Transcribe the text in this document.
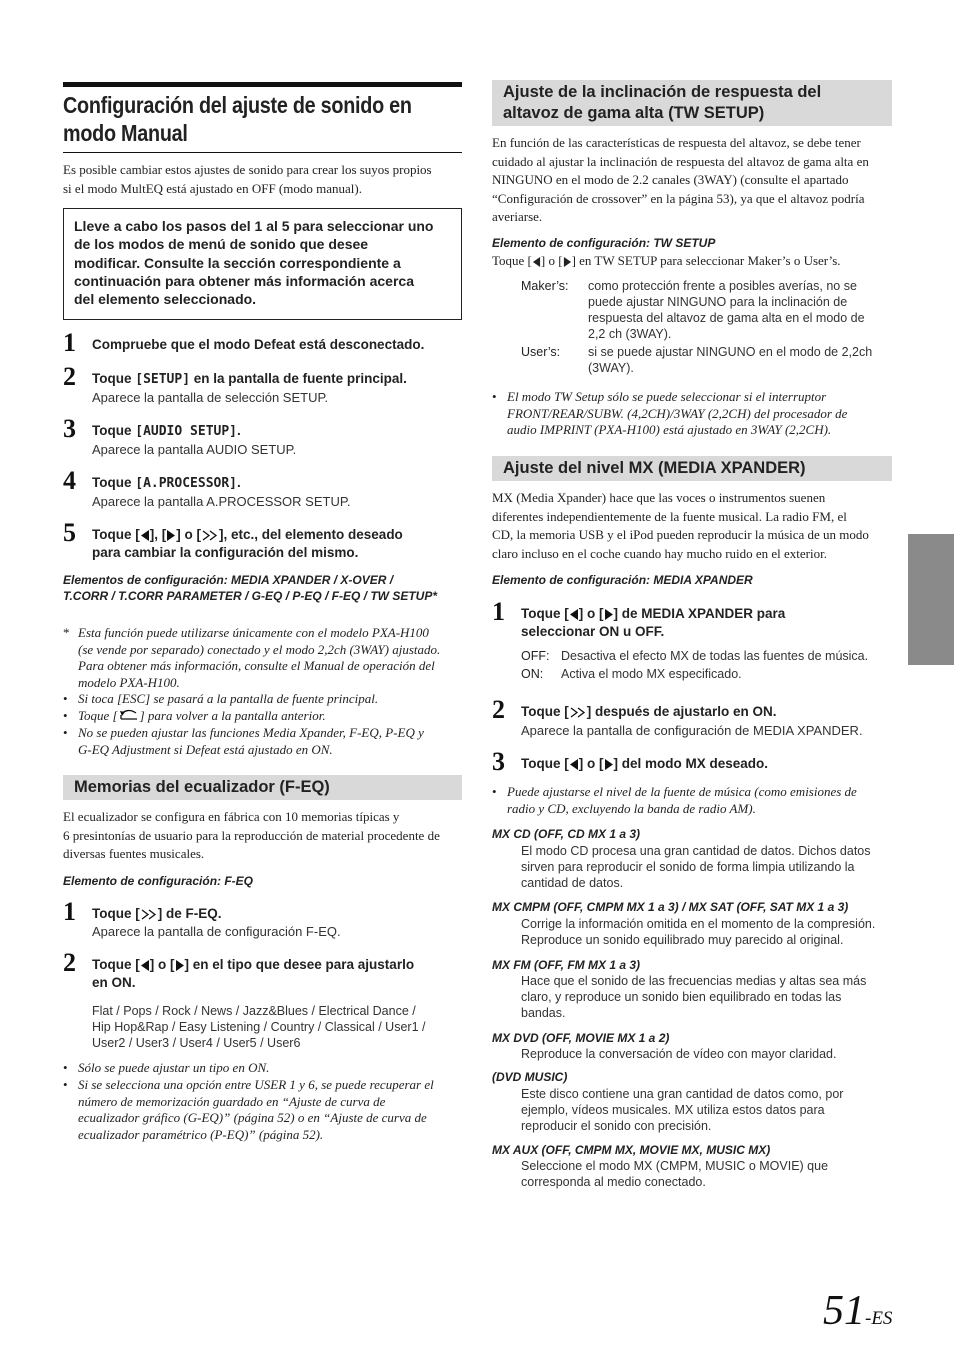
Configuración del ajuste de sonido en
modo Manual
Es posible cambiar estos ajustes de sonido para crear los suyos propios
si el modo MultEQ está ajustado en OFF (modo manual).
Lleve a cabo los pasos del 1 al 5 para seleccionar uno
de los modos de menú de sonido que desee
modificar. Consulte la sección correspondiente a
continuación para obtener más información acerca
del elemento seleccionado.
1 Compruebe que el modo Defeat está desconectado.
2 Toque [SETUP] en la pantalla de fuente principal.
Aparece la pantalla de selección SETUP.
3 Toque [AUDIO SETUP].
Aparece la pantalla AUDIO SETUP.
4 Toque [A.PROCESSOR].
Aparece la pantalla A.PROCESSOR SETUP.
5 Toque [ ], [ ] o [ ], etc., del elemento deseado
para cambiar la configuración del mismo.
Elementos de configuración: MEDIA XPANDER / X-OVER /
T.CORR / T.CORR PARAMETER / G-EQ / P-EQ / F-EQ / TW SETUP*
* Esta función puede utilizarse únicamente con el modelo PXA-H100
(se vende por separado) conectado y el modo 2,2ch (3WAY) ajustado.
Para obtener más información, consulte el Manual de operación del
modelo PXA-H100.
• Si toca [ESC] se pasará a la pantalla de fuente principal.
• Toque [ ] para volver a la pantalla anterior.
• No se pueden ajustar las funciones Media Xpander, F-EQ, P-EQ y
G-EQ Adjustment si Defeat está ajustado en ON.
Memorias del ecualizador (F-EQ)
El ecualizador se configura en fábrica con 10 memorias típicas y
6 presintonías de usuario para la reproducción de material procedente de
diversas fuentes musicales.
Elemento de configuración: F-EQ
1 Toque [ ] de F-EQ.
Aparece la pantalla de configuración F-EQ.
2 Toque [ ] o [ ] en el tipo que desee para ajustarlo
en ON.
Flat / Pops / Rock / News / Jazz&Blues / Electrical Dance /
Hip Hop&Rap / Easy Listening / Country / Classical / User1 /
User2 / User3 / User4 / User5 / User6
• Sólo se puede ajustar un tipo en ON.
• Si se selecciona una opción entre USER 1 y 6, se puede recuperar el
número de memorización guardado en “Ajuste de curva de
ecualizador gráfico (G-EQ)” (página 52) o en “Ajuste de curva de
ecualizador paramétrico (P-EQ)” (página 52).
Ajuste de la inclinación de respuesta del
altavoz de gama alta (TW SETUP)
En función de las características de respuesta del altavoz, se debe tener
cuidado al ajustar la inclinación de respuesta del altavoz de gama alta en
NINGUNO en el modo de 2.2 canales (3WAY) (consulte el apartado
“Configuración de crossover” en la página 53), ya que el altavoz podría
averiarse.
Elemento de configuración: TW SETUP
Toque [ ] o [ ] en TW SETUP para seleccionar Maker’s o User’s.
Maker’s: como protección frente a posibles averías, no se
puede ajustar NINGUNO para la inclinación de
respuesta del altavoz de gama alta en el modo de
2,2 ch (3WAY).
User’s: si se puede ajustar NINGUNO en el modo de 2,2ch
(3WAY).
• El modo TW Setup sólo se puede seleccionar si el interruptor
FRONT/REAR/SUBW. (4,2CH)/3WAY (2,2CH) del procesador de
audio IMPRINT (PXA-H100) está ajustado en 3WAY (2,2CH).
Ajuste del nivel MX (MEDIA XPANDER)
MX (Media Xpander) hace que las voces o instrumentos suenen
diferentes independientemente de la fuente musical. La radio FM, el
CD, la memoria USB y el iPod pueden reproducir la música de un modo
claro incluso en el coche cuando hay mucho ruido en el exterior.
Elemento de configuración: MEDIA XPANDER
1 Toque [ ] o [ ] de MEDIA XPANDER para
seleccionar ON u OFF.
OFF: Desactiva el efecto MX de todas las fuentes de música.
ON: Activa el modo MX especificado.
2 Toque [ ] después de ajustarlo en ON.
Aparece la pantalla de configuración de MEDIA XPANDER.
3 Toque [ ] o [ ] del modo MX deseado.
• Puede ajustarse el nivel de la fuente de música (como emisiones de
radio y CD, excluyendo la banda de radio AM).
MX CD (OFF, CD MX 1 a 3)
El modo CD procesa una gran cantidad de datos. Dichos datos
sirven para reproducir el sonido de forma limpia utilizando la
cantidad de datos.
MX CMPM (OFF, CMPM MX 1 a 3) / MX SAT (OFF, SAT MX 1 a 3)
Corrige la información omitida en el momento de la compresión.
Reproduce un sonido equilibrado muy parecido al original.
MX FM (OFF, FM MX 1 a 3)
Hace que el sonido de las frecuencias medias y altas sea más
claro, y reproduce un sonido bien equilibrado en todas las
bandas.
MX DVD (OFF, MOVIE MX 1 a 2)
Reproduce la conversación de vídeo con mayor claridad.
(DVD MUSIC)
Este disco contiene una gran cantidad de datos como, por
ejemplo, vídeos musicales. MX utiliza estos datos para
reproducir el sonido con precisión.
MX AUX (OFF, CMPM MX, MOVIE MX, MUSIC MX)
Seleccione el modo MX (CMPM, MUSIC o MOVIE) que
corresponda al medio conectado.
51-ES
